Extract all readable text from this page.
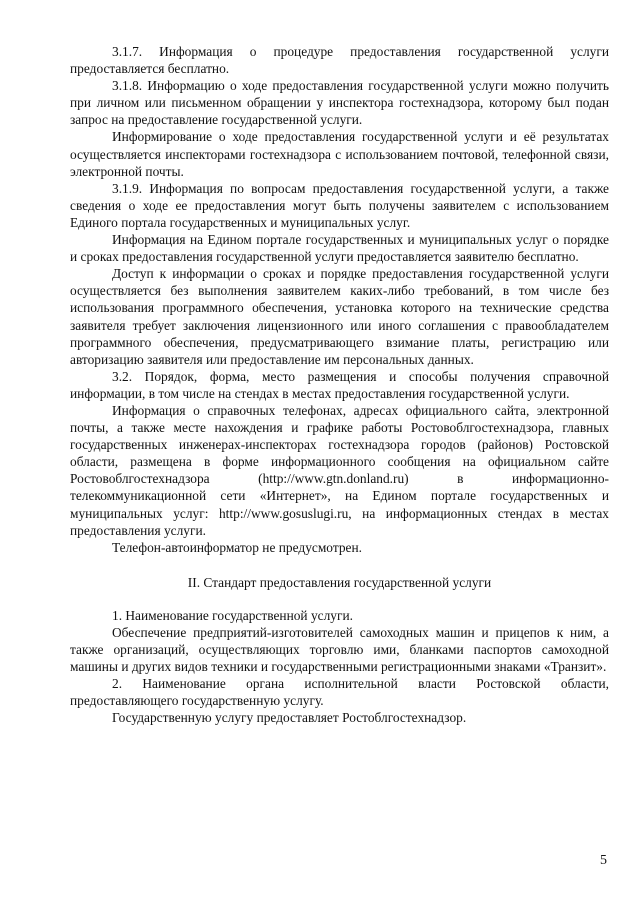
3.1.7. Информация о процедуре предоставления государственной услуги предоставляется бесплатно.

3.1.8. Информацию о ходе предоставления государственной услуги можно получить при личном или письменном обращении у инспектора гостехнадзора, которому был подан запрос на предоставление государственной услуги.

Информирование о ходе предоставления государственной услуги и её результатах осуществляется инспекторами гостехнадзора с использованием почтовой, телефонной связи, электронной почты.

3.1.9. Информация по вопросам предоставления государственной услуги, а также сведения о ходе ее предоставления могут быть получены заявителем с использованием Единого портала государственных и муниципальных услуг.

Информация на Едином портале государственных и муниципальных услуг о порядке и сроках предоставления государственной услуги предоставляется заявителю бесплатно.

Доступ к информации о сроках и порядке предоставления государственной услуги осуществляется без выполнения заявителем каких-либо требований, в том числе без использования программного обеспечения, установка которого на технические средства заявителя требует заключения лицензионного или иного соглашения с правообладателем программного обеспечения, предусматривающего взимание платы, регистрацию или авторизацию заявителя или предоставление им персональных данных.

3.2. Порядок, форма, место размещения и способы получения справочной информации, в том числе на стендах в местах предоставления государственной услуги.

Информация о справочных телефонах, адресах официального сайта, электронной почты, а также месте нахождения и графике работы Ростовоблгостехнадзора, главных государственных инженерах-инспекторах гостехнадзора городов (районов) Ростовской области, размещена в форме информационного сообщения на официальном сайте Ростовоблгостехнадзора (http://www.gtn.donland.ru) в информационно-телекоммуникационной сети «Интернет», на Едином портале государственных и муниципальных услуг: http://www.gosuslugi.ru, на информационных стендах в местах предоставления услуги.

Телефон-автоинформатор не предусмотрен.

II. Стандарт предоставления государственной услуги

1. Наименование государственной услуги.

Обеспечение предприятий-изготовителей самоходных машин и прицепов к ним, а также организаций, осуществляющих торговлю ими, бланками паспортов самоходной машины и других видов техники и государственными регистрационными знаками «Транзит».

2. Наименование органа исполнительной власти Ростовской области, предоставляющего государственную услугу.

Государственную услугу предоставляет Ростоблгостехнадзор.

5
